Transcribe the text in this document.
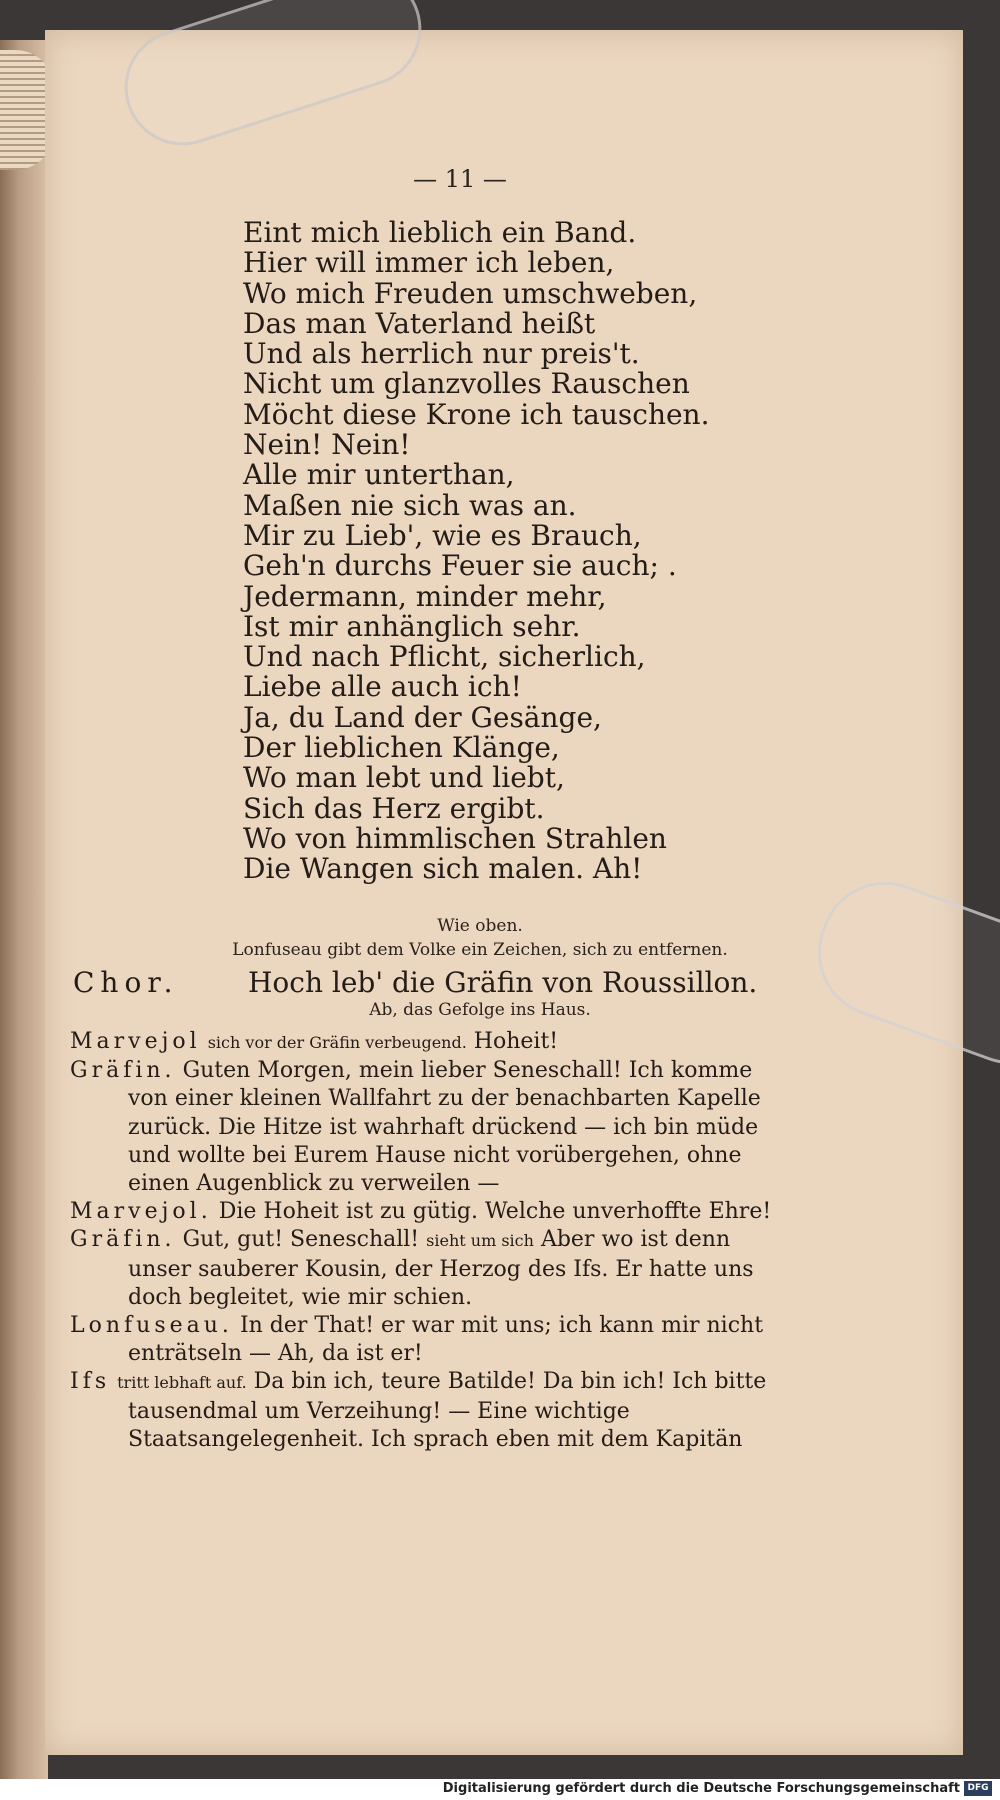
— 11 —
Eint mich lieblich ein Band.
Hier will immer ich leben,
Wo mich Freuden umschweben,
Das man Vaterland heißt
Und als herrlich nur preis't.
Nicht um glanzvolles Rauschen
Möcht diese Krone ich tauschen.
Nein! Nein!
Alle mir unterthan,
Maßen nie sich was an.
Mir zu Lieb', wie es Brauch,
Geh'n durchs Feuer sie auch; .
Jedermann, minder mehr,
Ist mir anhänglich sehr.
Und nach Pflicht, sicherlich,
Liebe alle auch ich!
Ja, du Land der Gesänge,
Der lieblichen Klänge,
Wo man lebt und liebt,
Sich das Herz ergibt.
Wo von himmlischen Strahlen
Die Wangen sich malen. Ah!
Wie oben.
Lonfuseau gibt dem Volke ein Zeichen, sich zu entfernen.
Chor. Hoch leb' die Gräfin von Roussillon.
Ab, das Gefolge ins Haus.

Marvejol sich vor der Gräfin verbeugend. Hoheit!

Gräfin. Guten Morgen, mein lieber Seneschall! Ich komme von einer kleinen Wallfahrt zu der benachbarten Kapelle zurück. Die Hitze ist wahrhaft drückend — ich bin müde und wollte bei Eurem Hause nicht vorübergehen, ohne einen Augenblick zu verweilen —

Marvejol. Die Hoheit ist zu gütig. Welche unverhoffte Ehre!

Gräfin. Gut, gut! Seneschall! sieht um sich Aber wo ist denn unser sauberer Kousin, der Herzog des Ifs. Er hatte uns doch begleitet, wie mir schien.

Lonfuseau. In der That! er war mit uns; ich kann mir nicht enträtseln — Ah, da ist er!

Ifs tritt lebhaft auf. Da bin ich, teure Batilde! Da bin ich! Ich bitte tausendmal um Verzeihung! — Eine wichtige Staatsangelegenheit. Ich sprach eben mit dem Kapitän

Digitalisierung gefördert durch die Deutsche Forschungsgemeinschaft DFG
